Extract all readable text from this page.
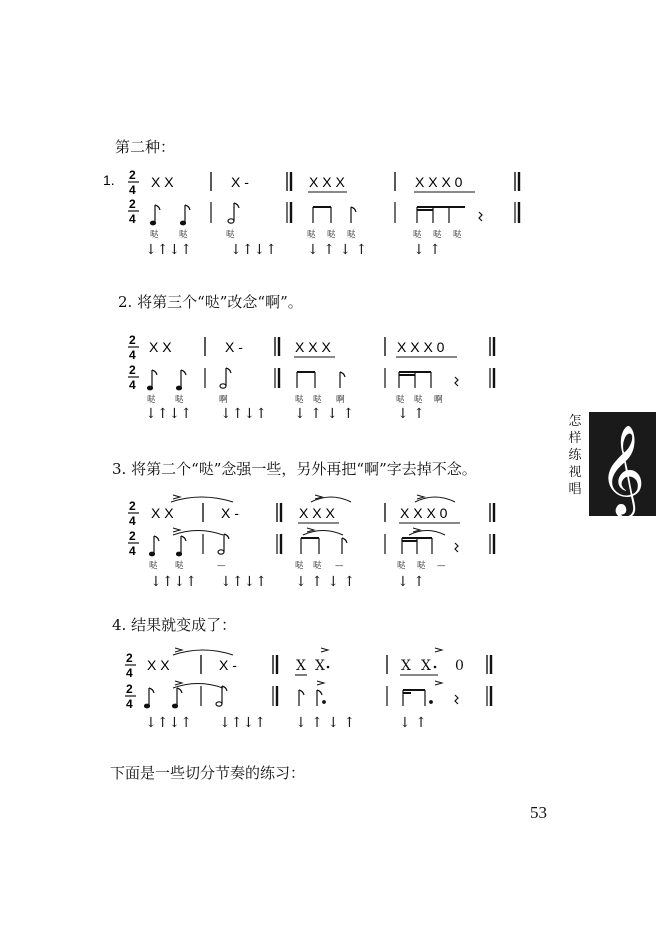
第二种：
2. 将第三个“哒”改念“啊”。
3. 将第二个“哒”念强一些，另外再把“啊”字去掉不念。
4. 结果就变成了：
下面是一些切分节奏的练习：
53
怎
样
练
视
唱 𝄞
1. 2
4
2
4
X X	X -	X X X	X X X 0
哒 哒	哒	哒 哒 哒	哒 哒 哒
↓↑↓↑	↓↑↓↑ ↓ ↑ ↓ ↑	↓ ↑
2
4
2
4
X X	X -	X X X	X X X 0
哒 哒	啊	哒 哒 啊	哒 哒 啊
↓↑↓↑ ↓↑↓↑ ↓ ↑ ↓ ↑	↓ ↑
2
4
2
4
X X	X -	X X X	X X X 0
哒 哒	—	哒 哒 —	哒 哒 —
↓↑↓↑ ↓↑↓↑ ↓ ↑ ↓ ↑	↓ ↑
2
4
2
4
X X	X -	X X	X X 0
↓↑↓↑ ↓↑↓↑ ↓ ↑ ↓ ↑	↓ ↑
